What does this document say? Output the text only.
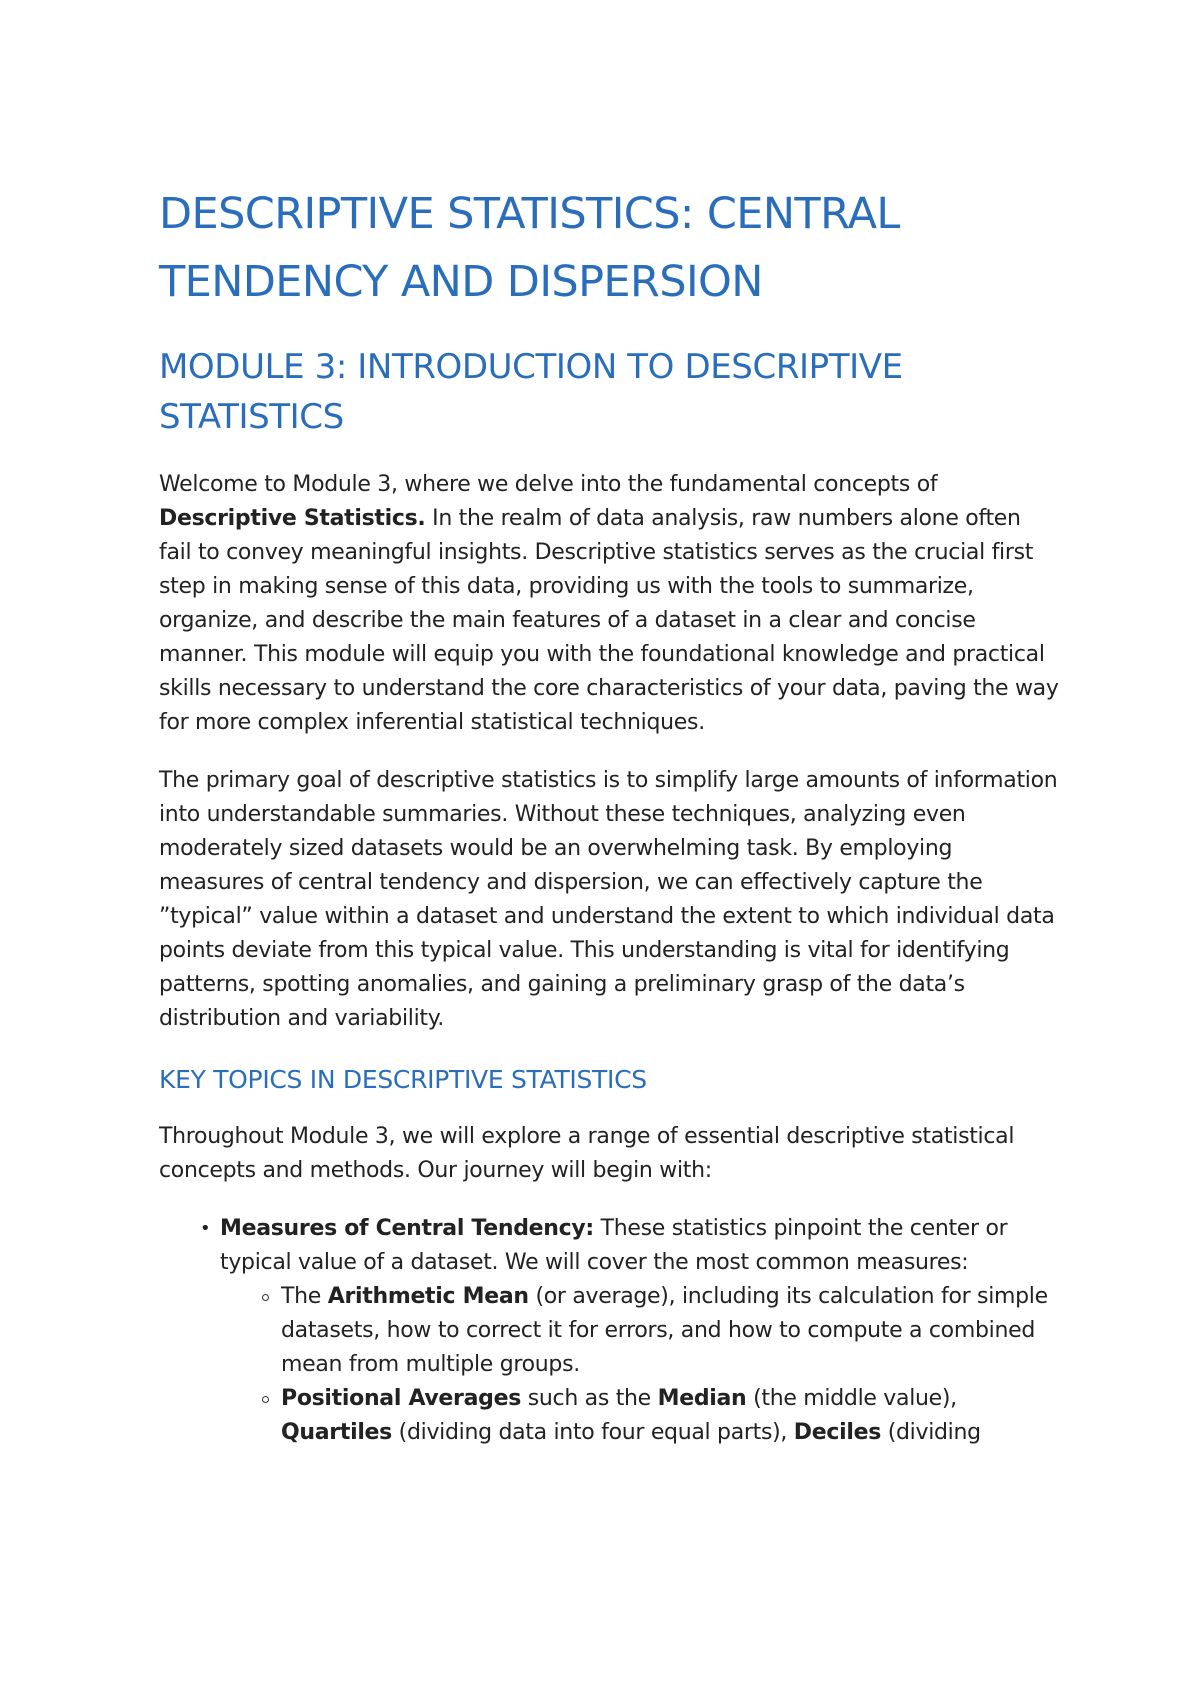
DESCRIPTIVE STATISTICS: CENTRAL TENDENCY AND DISPERSION
MODULE 3: INTRODUCTION TO DESCRIPTIVE STATISTICS

Welcome to Module 3, where we delve into the fundamental concepts of Descriptive Statistics. In the realm of data analysis, raw numbers alone often fail to convey meaningful insights. Descriptive statistics serves as the crucial first step in making sense of this data, providing us with the tools to summarize, organize, and describe the main features of a dataset in a clear and concise manner. This module will equip you with the foundational knowledge and practical skills necessary to understand the core characteristics of your data, paving the way for more complex inferential statistical techniques.

The primary goal of descriptive statistics is to simplify large amounts of information into understandable summaries. Without these techniques, analyzing even moderately sized datasets would be an overwhelming task. By employing measures of central tendency and dispersion, we can effectively capture the ”typical” value within a dataset and understand the extent to which individual data points deviate from this typical value. This understanding is vital for identifying patterns, spotting anomalies, and gaining a preliminary grasp of the data’s distribution and variability.

KEY TOPICS IN DESCRIPTIVE STATISTICS

Throughout Module 3, we will explore a range of essential descriptive statistical concepts and methods. Our journey will begin with:

• Measures of Central Tendency: These statistics pinpoint the center or typical value of a dataset. We will cover the most common measures:
The Arithmetic Mean (or average), including its calculation for simple datasets, how to correct it for errors, and how to compute a combined mean from multiple groups.
Positional Averages such as the Median (the middle value), Quartiles (dividing data into four equal parts), Deciles (dividing
